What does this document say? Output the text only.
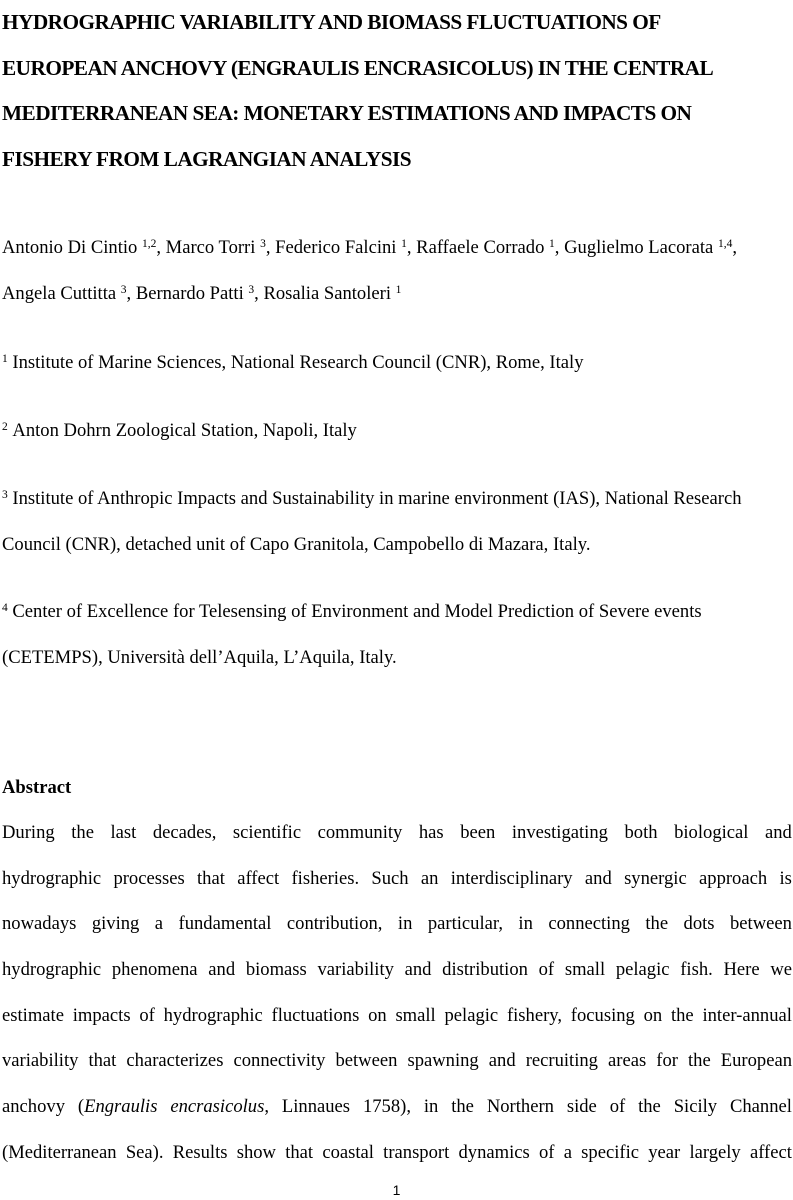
HYDROGRAPHIC VARIABILITY AND BIOMASS FLUCTUATIONS OF
EUROPEAN ANCHOVY (ENGRAULIS ENCRASICOLUS) IN THE CENTRAL
MEDITERRANEAN SEA: MONETARY ESTIMATIONS AND IMPACTS ON
FISHERY FROM LAGRANGIAN ANALYSIS
Antonio Di Cintio $^{1,2}$, Marco Torri $^3$, Federico Falcini $^1$, Raffaele Corrado $^1$, Guglielmo Lacorata $^{1,4}$,
Angela Cuttitta $^3$, Bernardo Patti $^3$, Rosalia Santoleri $^1$
$^1$ Institute of Marine Sciences, National Research Council (CNR), Rome, Italy
$^2$ Anton Dohrn Zoological Station, Napoli, Italy
$^3$ Institute of Anthropic Impacts and Sustainability in marine environment (IAS), National Research
Council (CNR), detached unit of Capo Granitola, Campobello di Mazara, Italy.
$^4$ Center of Excellence for Telesensing of Environment and Model Prediction of Severe events
(CETEMPS), Università dell’Aquila, L’Aquila, Italy.
Abstract
During the last decades, scientific community has been investigating both biological and
hydrographic processes that affect fisheries. Such an interdisciplinary and synergic approach is
nowadays giving a fundamental contribution, in particular, in connecting the dots between
hydrographic phenomena and biomass variability and distribution of small pelagic fish. Here we
estimate impacts of hydrographic fluctuations on small pelagic fishery, focusing on the inter-annual
variability that characterizes connectivity between spawning and recruiting areas for the European
anchovy (Engraulis encrasicolus, Linnaues 1758), in the Northern side of the Sicily Channel
(Mediterranean Sea). Results show that coastal transport dynamics of a specific year largely affect
1
